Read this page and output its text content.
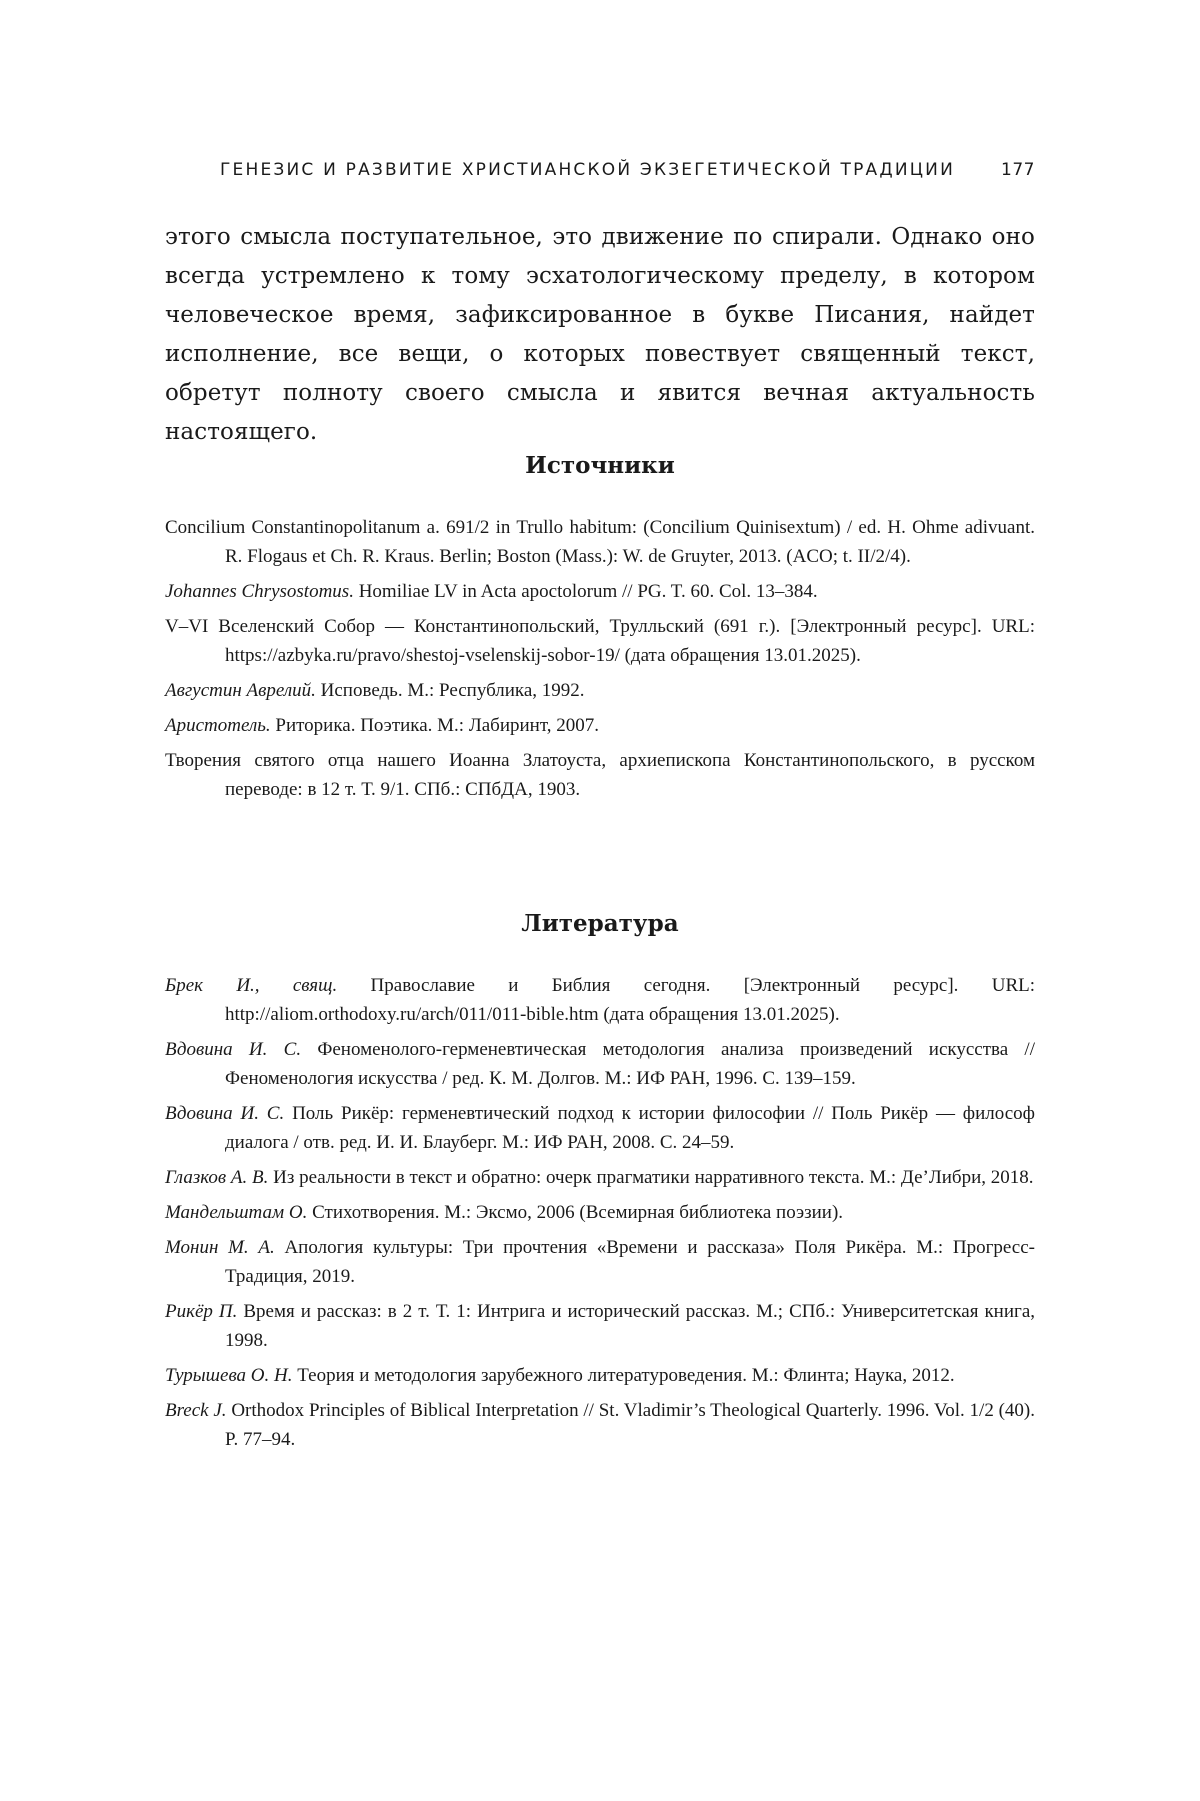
ГЕНЕЗИС И РАЗВИТИЕ ХРИСТИАНСКОЙ ЭКЗЕГЕТИЧЕСКОЙ ТРАДИЦИИ	177

этого смысла поступательное, это движение по спирали. Однако оно всегда устремлено к тому эсхатологическому пределу, в котором человеческое время, зафиксированное в букве Писания, найдет исполнение, все вещи, о которых повествует священный текст, обретут полноту своего смысла и явится вечная актуальность настоящего.

Источники
Concilium Constantinopolitanum a. 691/2 in Trullo habitum: (Concilium Quinisextum) / ed. H. Ohme adivuant. R. Flogaus et Ch. R. Kraus. Berlin; Boston (Mass.): W. de Gruyter, 2013. (ACO; t. II/2/4).
Johannes Chrysostomus. Homiliae LV in Acta apoctolorum // PG. T. 60. Col. 13–384.
V–VI Вселенский Собор — Константинопольский, Трулльский (691 г.). [Электронный ресурс]. URL: https://azbyka.ru/pravo/shestoj-vselenskij-sobor-19/ (дата обращения 13.01.2025).
Августин Аврелий. Исповедь. М.: Республика, 1992.
Аристотель. Риторика. Поэтика. М.: Лабиринт, 2007.
Творения святого отца нашего Иоанна Златоуста, архиепископа Константинопольского, в русском переводе: в 12 т. Т. 9/1. СПб.: СПбДА, 1903.
Литература
Брек И., свящ. Православие и Библия сегодня. [Электронный ресурс]. URL: http://aliom.orthodoxy.ru/arch/011/011-bible.htm (дата обращения 13.01.2025).
Вдовина И. С. Феноменолого-герменевтическая методология анализа произведений искусства // Феноменология искусства / ред. К. М. Долгов. М.: ИФ РАН, 1996. С. 139–159.
Вдовина И. С. Поль Рикёр: герменевтический подход к истории философии // Поль Рикёр — философ диалога / отв. ред. И. И. Блауберг. М.: ИФ РАН, 2008. С. 24–59.
Глазков А. В. Из реальности в текст и обратно: очерк прагматики нарративного текста. М.: Де’Либри, 2018.
Мандельштам О. Стихотворения. М.: Эксмо, 2006 (Всемирная библиотека поэзии).
Монин М. А. Апология культуры: Три прочтения «Времени и рассказа» Поля Рикёра. М.: Прогресс-Традиция, 2019.
Рикёр П. Время и рассказ: в 2 т. Т. 1: Интрига и исторический рассказ. М.; СПб.: Университетская книга, 1998.
Турышева О. Н. Теория и методология зарубежного литературоведения. М.: Флинта; Наука, 2012.
Breck J. Orthodox Principles of Biblical Interpretation // St. Vladimir’s Theological Quarterly. 1996. Vol. 1/2 (40). P. 77–94.
